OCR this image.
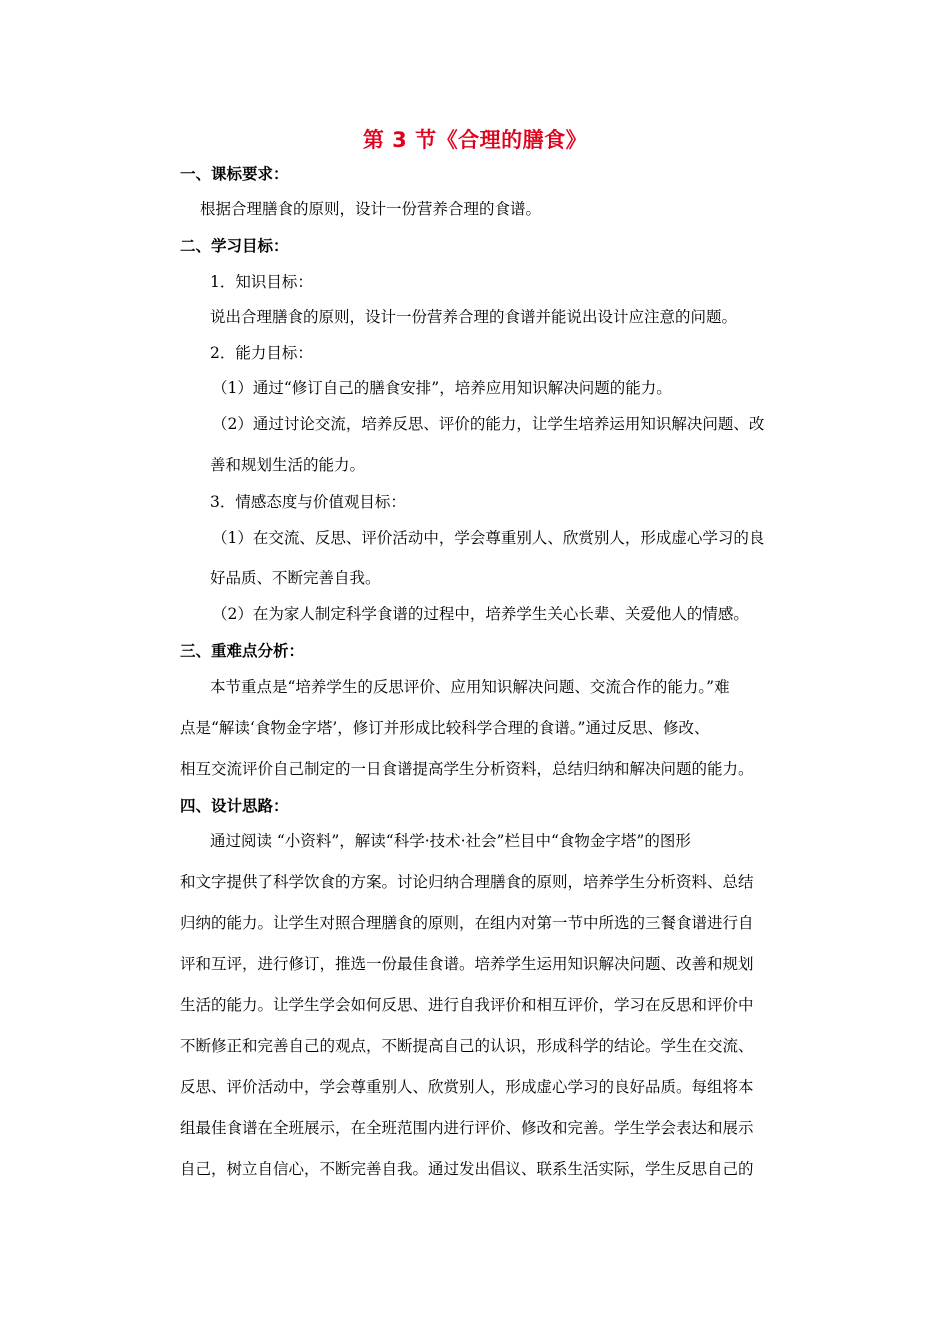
第 3 节《合理的膳食》
一、课标要求：
根据合理膳食的原则，设计一份营养合理的食谱。
二、学习目标：
1．知识目标：
说出合理膳食的原则，设计一份营养合理的食谱并能说出设计应注意的问题。
2．能力目标：
（1）通过“修订自己的膳食安排”，培养应用知识解决问题的能力。
（2）通过讨论交流，培养反思、评价的能力，让学生培养运用知识解决问题、改
善和规划生活的能力。
3．情感态度与价值观目标：
（1）在交流、反思、评价活动中，学会尊重别人、欣赏别人，形成虚心学习的良
好品质、不断完善自我。
（2）在为家人制定科学食谱的过程中，培养学生关心长辈、关爱他人的情感。
三、重难点分析：
本节重点是“培养学生的反思评价、应用知识解决问题、交流合作的能力。”难
点是“解读‘食物金字塔’，修订并形成比较科学合理的食谱。”通过反思、修改、
相互交流评价自己制定的一日食谱提高学生分析资料，总结归纳和解决问题的能力。
四、设计思路：
通过阅读 “小资料”，解读“科学·技术·社会”栏目中“食物金字塔”的图形
和文字提供了科学饮食的方案。讨论归纳合理膳食的原则，培养学生分析资料、总结
归纳的能力。让学生对照合理膳食的原则，在组内对第一节中所选的三餐食谱进行自
评和互评，进行修订，推选一份最佳食谱。培养学生运用知识解决问题、改善和规划
生活的能力。让学生学会如何反思、进行自我评价和相互评价，学习在反思和评价中
不断修正和完善自己的观点，不断提高自己的认识，形成科学的结论。学生在交流、
反思、评价活动中，学会尊重别人、欣赏别人，形成虚心学习的良好品质。每组将本
组最佳食谱在全班展示，在全班范围内进行评价、修改和完善。学生学会表达和展示
自己，树立自信心，不断完善自我。通过发出倡议、联系生活实际，学生反思自己的
